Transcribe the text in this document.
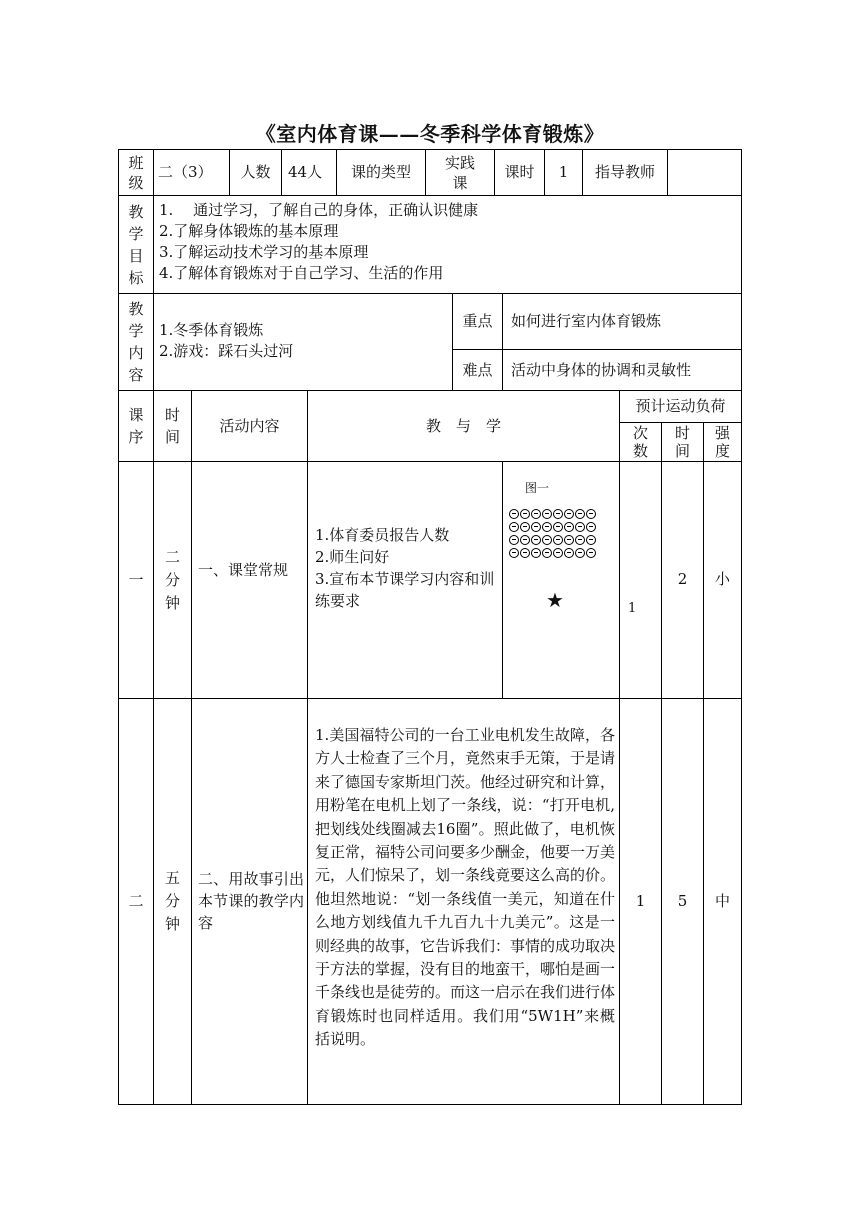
《室内体育课——冬季科学体育锻炼》
班级
二（3） 人数 44人 课的类型
实践课
课时 1 指导教师
教学目标
1.　 通过学习，了解自己的身体，正确认识健康
2.了解身体锻炼的基本原理
3.了解运动技术学习的基本原理
4.了解体育锻炼对于自己学习、生活的作用
教学内容
1.冬季体育锻炼
2.游戏：踩石头过河
重点 如何进行室内体育锻炼
难点 活动中身体的协调和灵敏性
课序
时间
活动内容	教　与　学
预计运动负荷
次数
时间
强度
一
二分钟
一、课堂常规
1.体育委员报告人数
2.师生问好
3.宣布本节课学习内容和训练要求
图一
★	1
2 小
二
五分钟
二、用故事引出本节课的教学内容
1.美国福特公司的一台工业电机发生故障，各方人士检查了三个月，竟然束手无策，于是请来了德国专家斯坦门茨。他经过研究和计算，用粉笔在电机上划了一条线，说：“打开电机,把划线处线圈减去16圈”。照此做了，电机恢复正常，福特公司问要多少酬金，他要一万美元，人们惊呆了，划一条线竟要这么高的价。他坦然地说：“划一条线值一美元，知道在什么地方划线值九千九百九十九美元”。这是一则经典的故事，它告诉我们：事情的成功取决于方法的掌握，没有目的地蛮干，哪怕是画一千条线也是徒劳的。而这一启示在我们进行体育锻炼时也同样适用。我们用“5W1H”来概括说明。
1 5 中
